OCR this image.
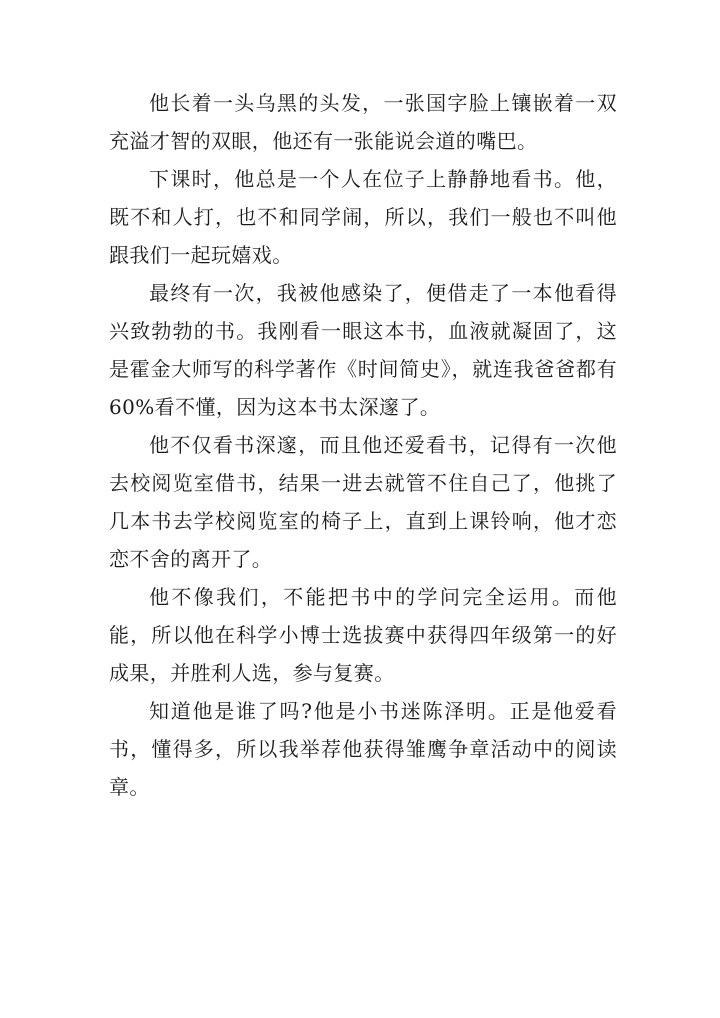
他长着一头乌黑的头发，一张国字脸上镶嵌着一双充溢才智的双眼，他还有一张能说会道的嘴巴。

下课时，他总是一个人在位子上静静地看书。他，既不和人打，也不和同学闹，所以，我们一般也不叫他跟我们一起玩嬉戏。

最终有一次，我被他感染了，便借走了一本他看得兴致勃勃的书。我刚看一眼这本书，血液就凝固了，这是霍金大师写的科学著作《时间简史》，就连我爸爸都有60%看不懂，因为这本书太深邃了。

他不仅看书深邃，而且他还爱看书，记得有一次他去校阅览室借书，结果一进去就管不住自己了，他挑了几本书去学校阅览室的椅子上，直到上课铃响，他才恋恋不舍的离开了。

他不像我们，不能把书中的学问完全运用。而他能，所以他在科学小博士选拔赛中获得四年级第一的好成果，并胜利人选，参与复赛。

知道他是谁了吗?他是小书迷陈泽明。正是他爱看书，懂得多，所以我举荐他获得雏鹰争章活动中的阅读章。
